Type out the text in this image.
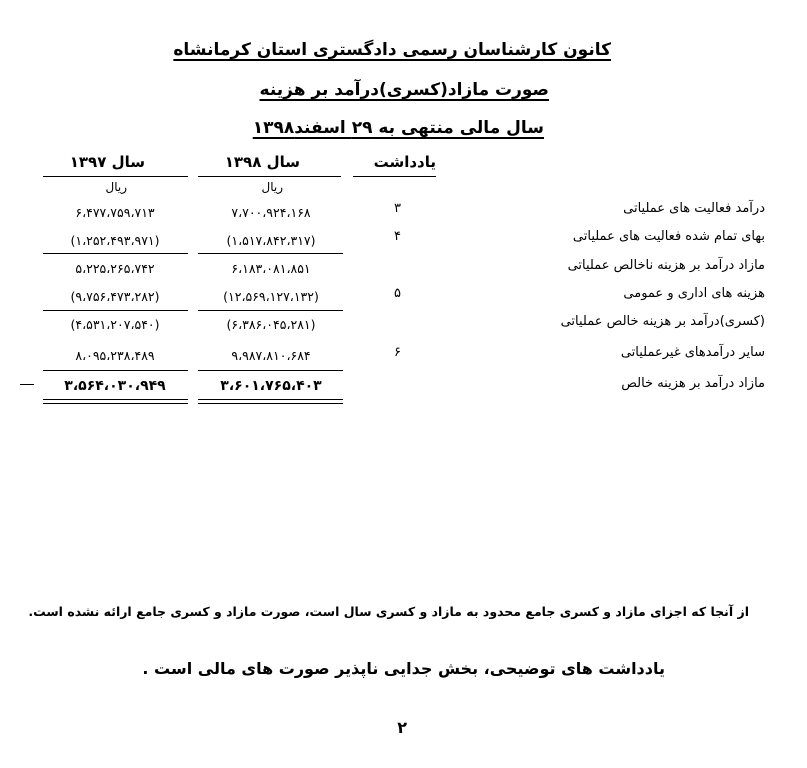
کانون کارشناسان رسمی دادگستری استان کرمانشاه
صورت مازاد(کسری)درآمد بر هزینه
سال مالی منتهی به ۲۹ اسفند۱۳۹۸
یادداشت
سال ۱۳۹۸
سال ۱۳۹۷
ریال
ریال
درآمد فعالیت های عملیاتی
۳
۷،۷۰۰،۹۲۴،۱۶۸
۶،۴۷۷،۷۵۹،۷۱۳
بهای تمام شده فعالیت های عملیاتی
۴
(۱،۵۱۷،۸۴۲،۳۱۷)
(۱،۲۵۲،۴۹۳،۹۷۱)
مازاد درآمد بر هزینه ناخالص عملیاتی
۶،۱۸۳،۰۸۱،۸۵۱
۵،۲۲۵،۲۶۵،۷۴۲
هزینه های اداری و عمومی
۵
(۱۲،۵۶۹،۱۲۷،۱۳۲)
(۹،۷۵۶،۴۷۳،۲۸۲)
(کسری)درآمد بر هزینه خالص عملیاتی
(۶،۳۸۶،۰۴۵،۲۸۱)
(۴،۵۳۱،۲۰۷،۵۴۰)
سایر درآمدهای غیرعملیاتی
۶
۹،۹۸۷،۸۱۰،۶۸۴
۸،۰۹۵،۲۳۸،۴۸۹
مازاد درآمد بر هزینه خالص
۳،۶۰۱،۷۶۵،۴۰۳
۳،۵۶۴،۰۳۰،۹۴۹
از آنجا که اجزای مازاد و کسری جامع محدود به مازاد و کسری سال است، صورت مازاد و کسری جامع ارائه نشده است.
یادداشت های توضیحی، بخش جدایی ناپذیر صورت های مالی است .
۲
